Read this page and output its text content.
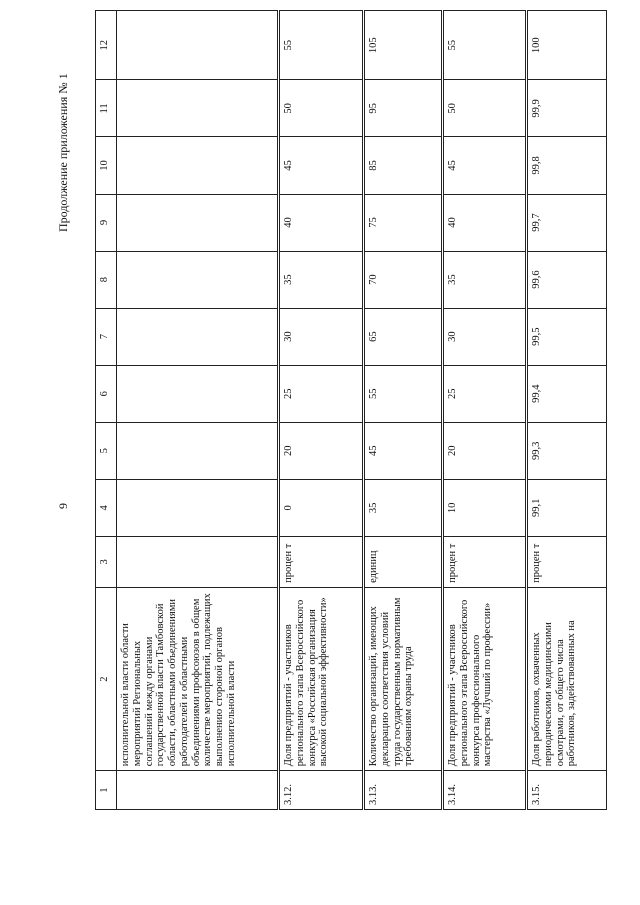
9
Продолжение приложения № 1
1	2	3	4	5	6	7	8	9	10	11	12
	исполнительной власти области мероприятий Региональных соглашений между органами государственной власти Тамбовской области, областными объединениями работодателей и областными объединениями профсоюзов в общем количестве мероприятий, подлежащих выполнению стороной органов исполнительной власти										
3.12.	Доля предприятий - участников регионального этапа Всероссийского конкурса «Российская организация высокой социальной эффективности»	процен т	0	20	25	30	35	40	45	50	55
3.13.	Количество организаций, имеющих декларацию соответствия условий труда государственным нормативным требованиям охраны труда	единиц	35	45	55	65	70	75	85	95	105
3.14.	Доля предприятий - участников регионального этапа Всероссийского конкурса профессионального мастерства «Лучший по профессии»	процен т	10	20	25	30	35	40	45	50	55
3.15.	Доля работников, охваченных периодическими медицинскими осмотрами, от общего числа работников, задействованных на	процен т	99,1	99,3	99,4	99,5	99,6	99,7	99,8	99,9	100
